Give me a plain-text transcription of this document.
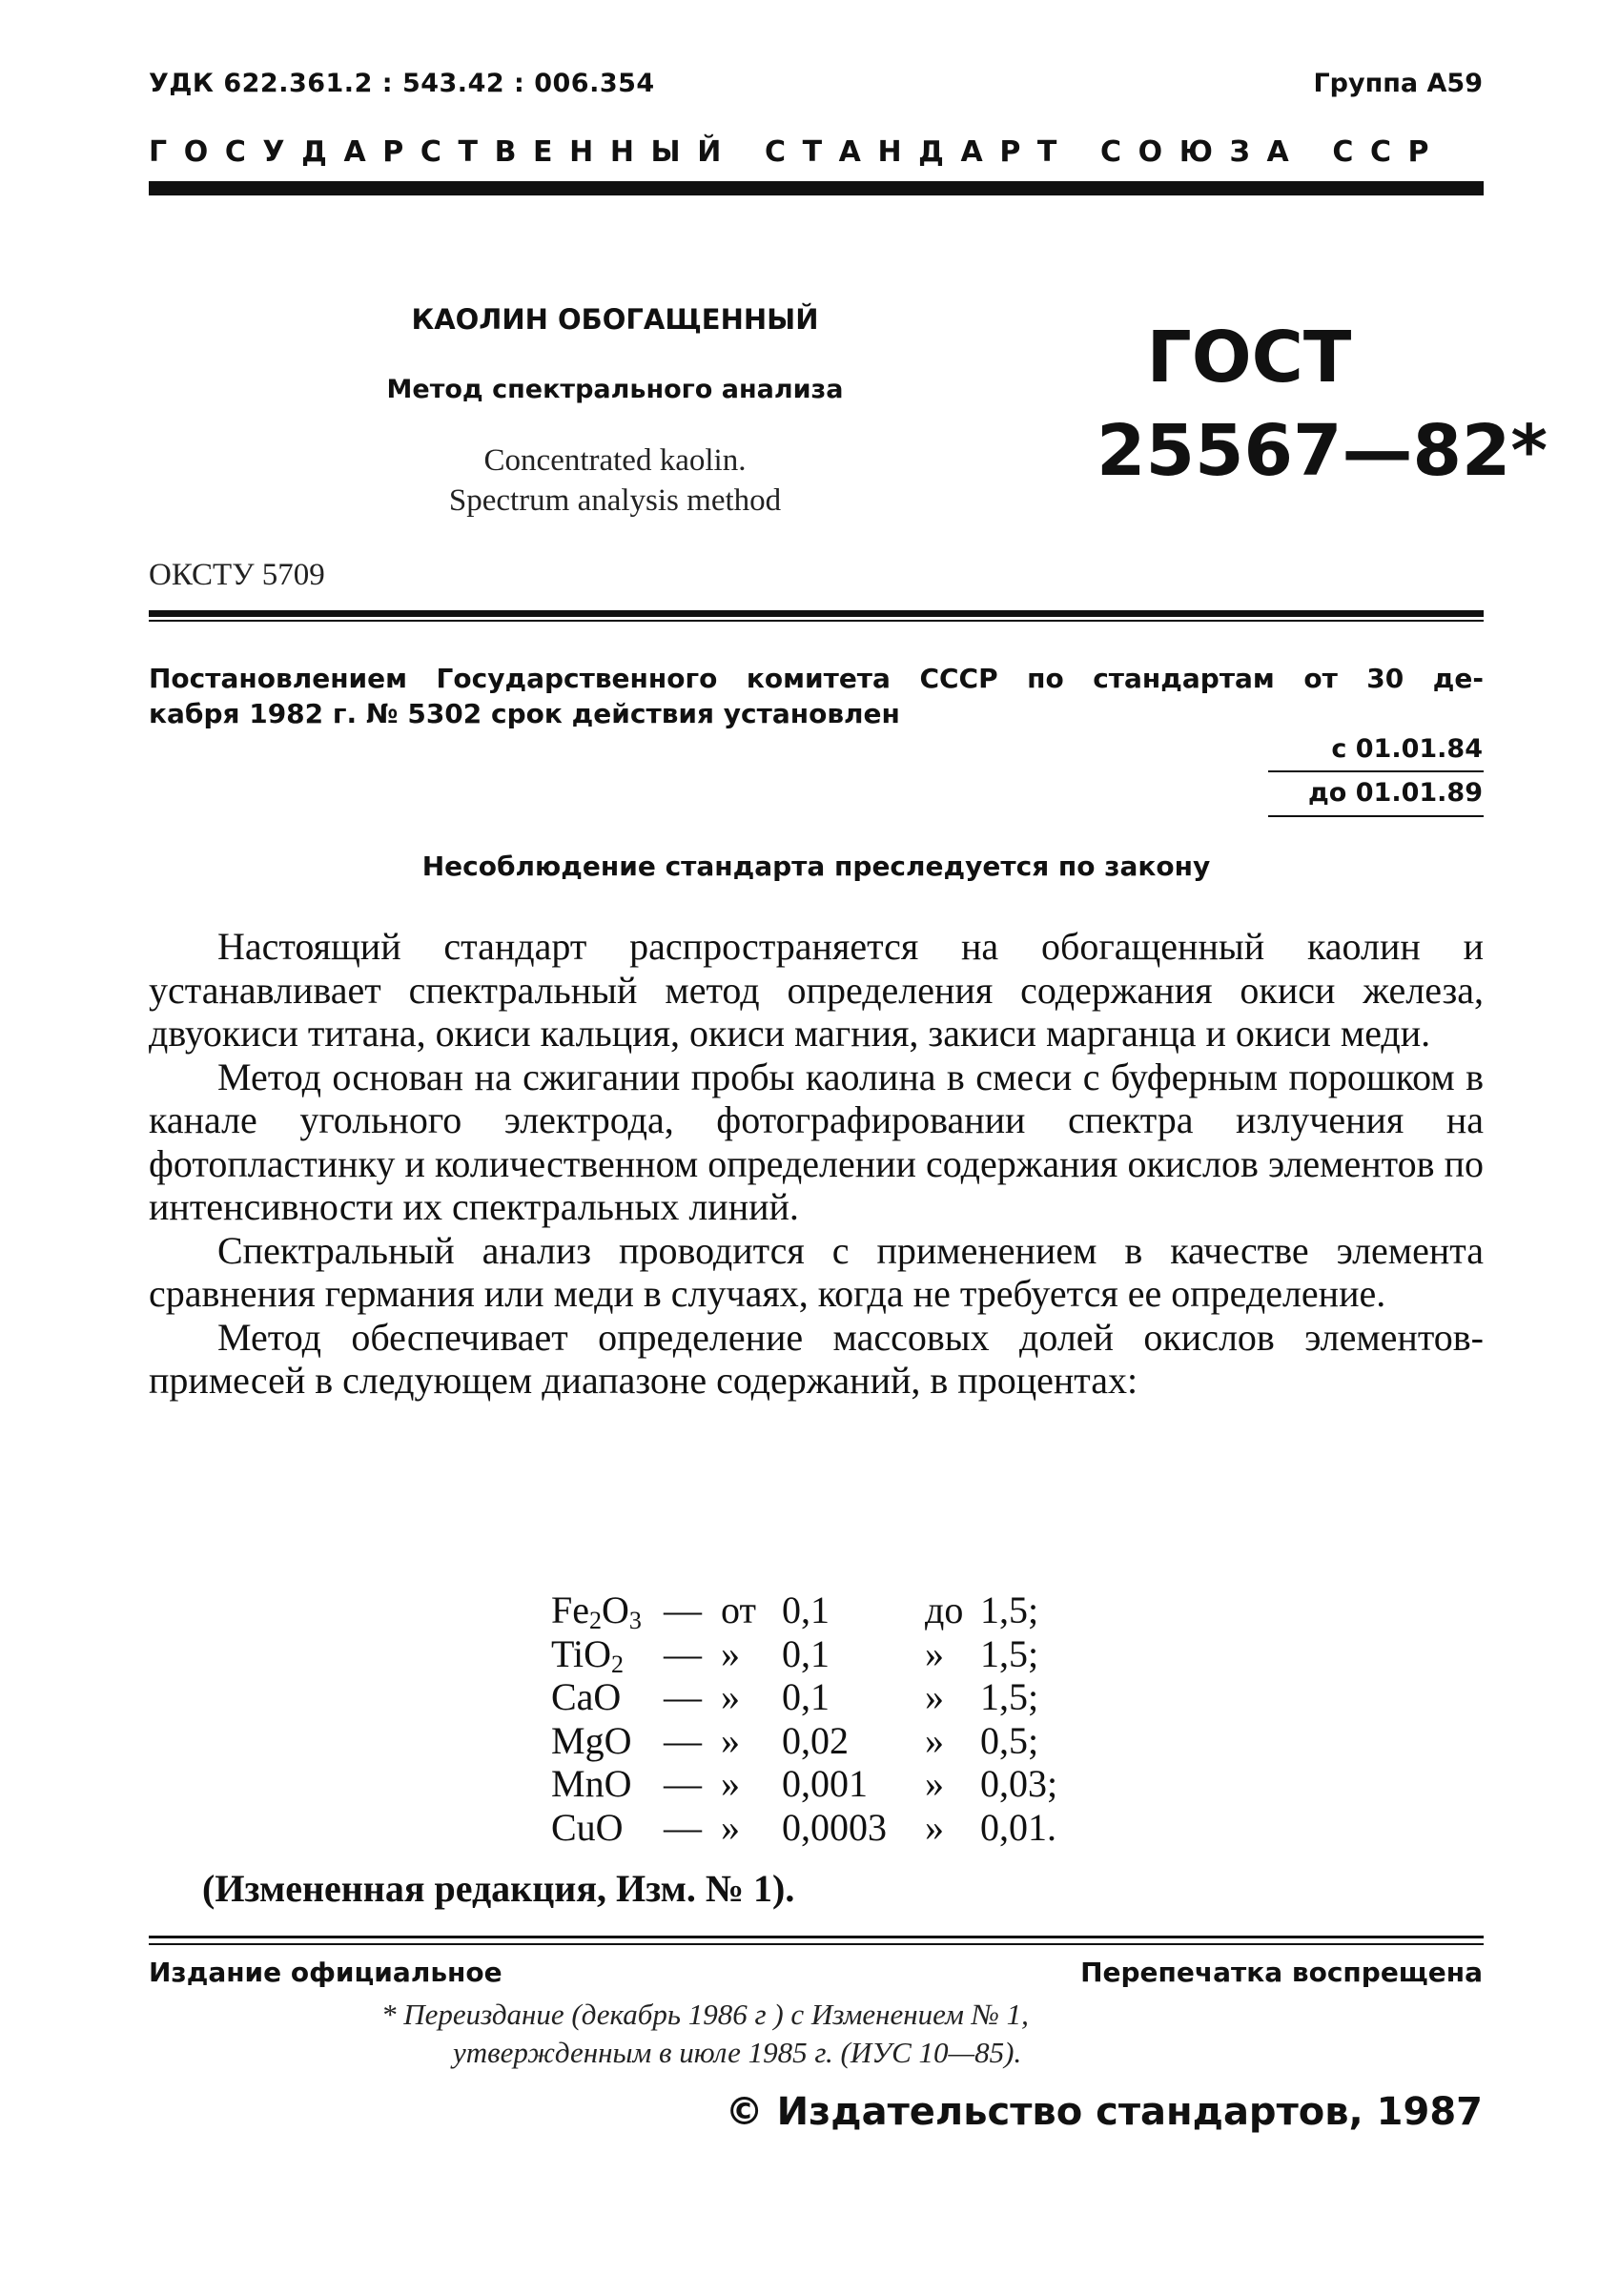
УДК 622.361.2 : 543.42 : 006.354	Группа А59
ГОСУДАРСТВЕННЫЙ СТАНДАРТ СОЮЗА ССР
КАОЛИН ОБОГАЩЕННЫЙ
Метод спектрального анализа
Concentrated kaolin.
Spectrum analysis method
ГОСТ
25567—82*
ОКСТУ 5709
Постановлением Государственного комитета СССР по стандартам от 30 де-
кабря 1982 г. № 5302 срок действия установлен
с 01.01.84
до 01.01.89
Несоблюдение стандарта преследуется по закону

Настоящий стандарт распространяется на обогащенный каолин и устанавливает спектральный метод определения содержания окиси железа, двуокиси титана, окиси кальция, окиси магния, закиси марганца и окиси меди.

Метод основан на сжигании пробы каолина в смеси с буферным порошком в канале угольного электрода, фотографировании спектра излучения на фотопластинку и количественном определении содержания окислов элементов по интенсивности их спектральных линий.

Спектральный анализ проводится с применением в качестве элемента сравнения германия или меди в случаях, когда не требуется ее определение.

Метод обеспечивает определение массовых долей окислов элементов-примесей в следующем диапазоне содержаний, в процентах:

$Fe_2O_3$	—	от	0,1	до	1,5;
TiO$_2$	—	»	0,1	»	1,5;
CaO	—	»	0,1	»	1,5;
MgO	—	»	0,02	»	0,5;
MnO	—	»	0,001	»	0,03;
CuO	—	»	0,0003	»	0,01.
(Измененная редакция, Изм. № 1).
Издание официальное	Перепечатка воспрещена
* Переиздание (декабрь 1986 г ) с Изменением № 1,
утвержденным в июле 1985 г. (ИУС 10—85).
© Издательство стандартов, 1987
